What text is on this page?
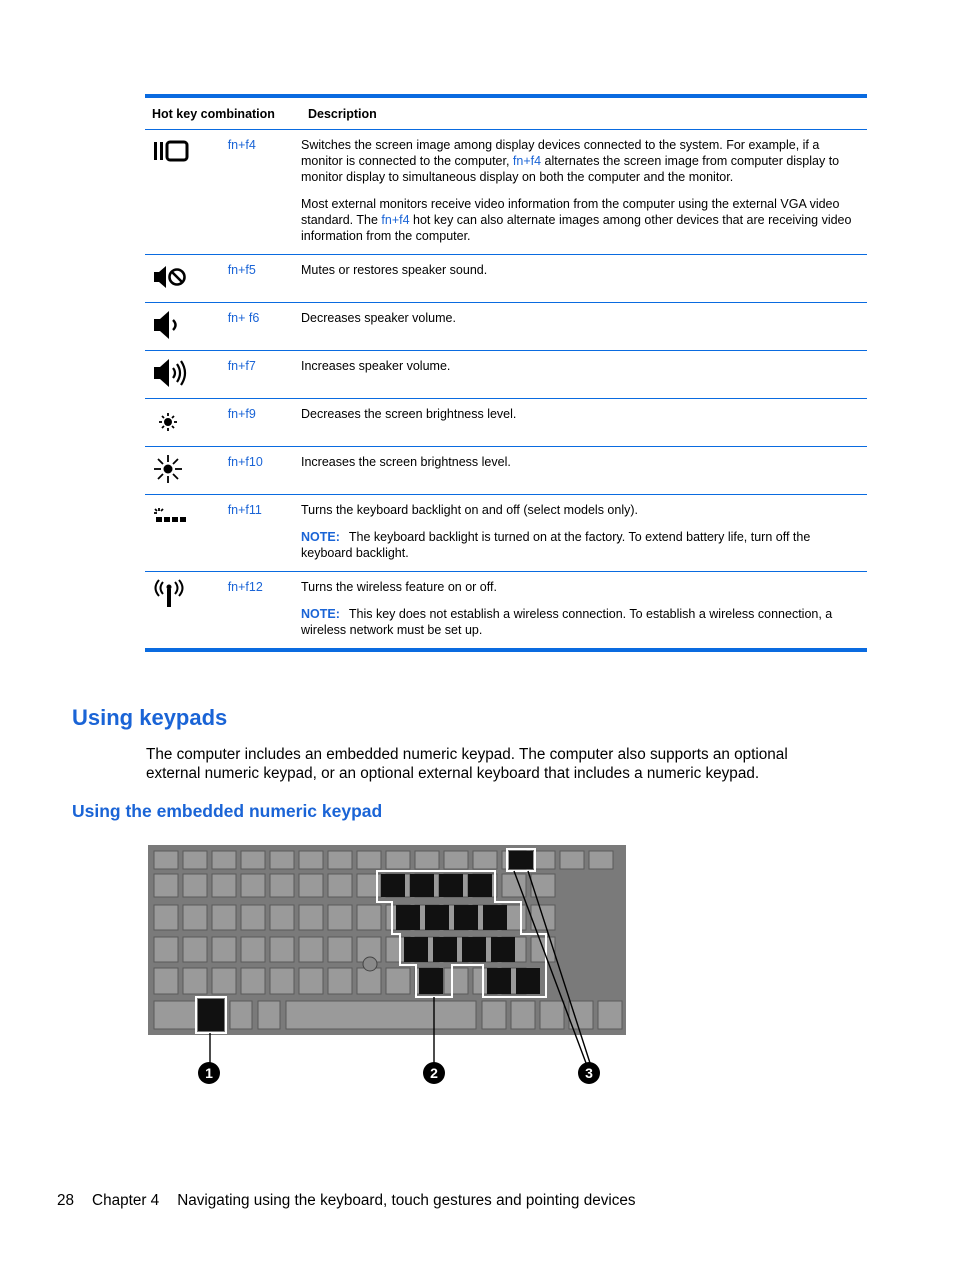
Hot key combination		Description

	fn+f4	Switches the screen image among display devices connected to the system. For example, if a monitor is connected to the computer, fn+f4 alternates the screen image from computer display to monitor display to simultaneous display on both the computer and the monitor.

Most external monitors receive video information from the computer using the external VGA video standard. The fn+f4 hot key can also alternate images among other devices that are receiving video information from the computer.

	fn+f5	Mutes or restores speaker sound.

	fn+ f6	Decreases speaker volume.

	fn+f7	Increases speaker volume.

	fn+f9	Decreases the screen brightness level.

	fn+f10	Increases the screen brightness level.

	fn+f11	Turns the keyboard backlight on and off (select models only).

NOTE: The keyboard backlight is turned on at the factory. To extend battery life, turn off the keyboard backlight.

	fn+f12	Turns the wireless feature on or off.

NOTE: This key does not establish a wireless connection. To establish a wireless connection, a wireless network must be set up.

Using keypads

The computer includes an embedded numeric keypad. The computer also supports an optional external numeric keypad, or an optional external keyboard that includes a numeric keypad.

Using the embedded numeric keypad
1	2	3

28 Chapter 4 Navigating using the keyboard, touch gestures and pointing devices
